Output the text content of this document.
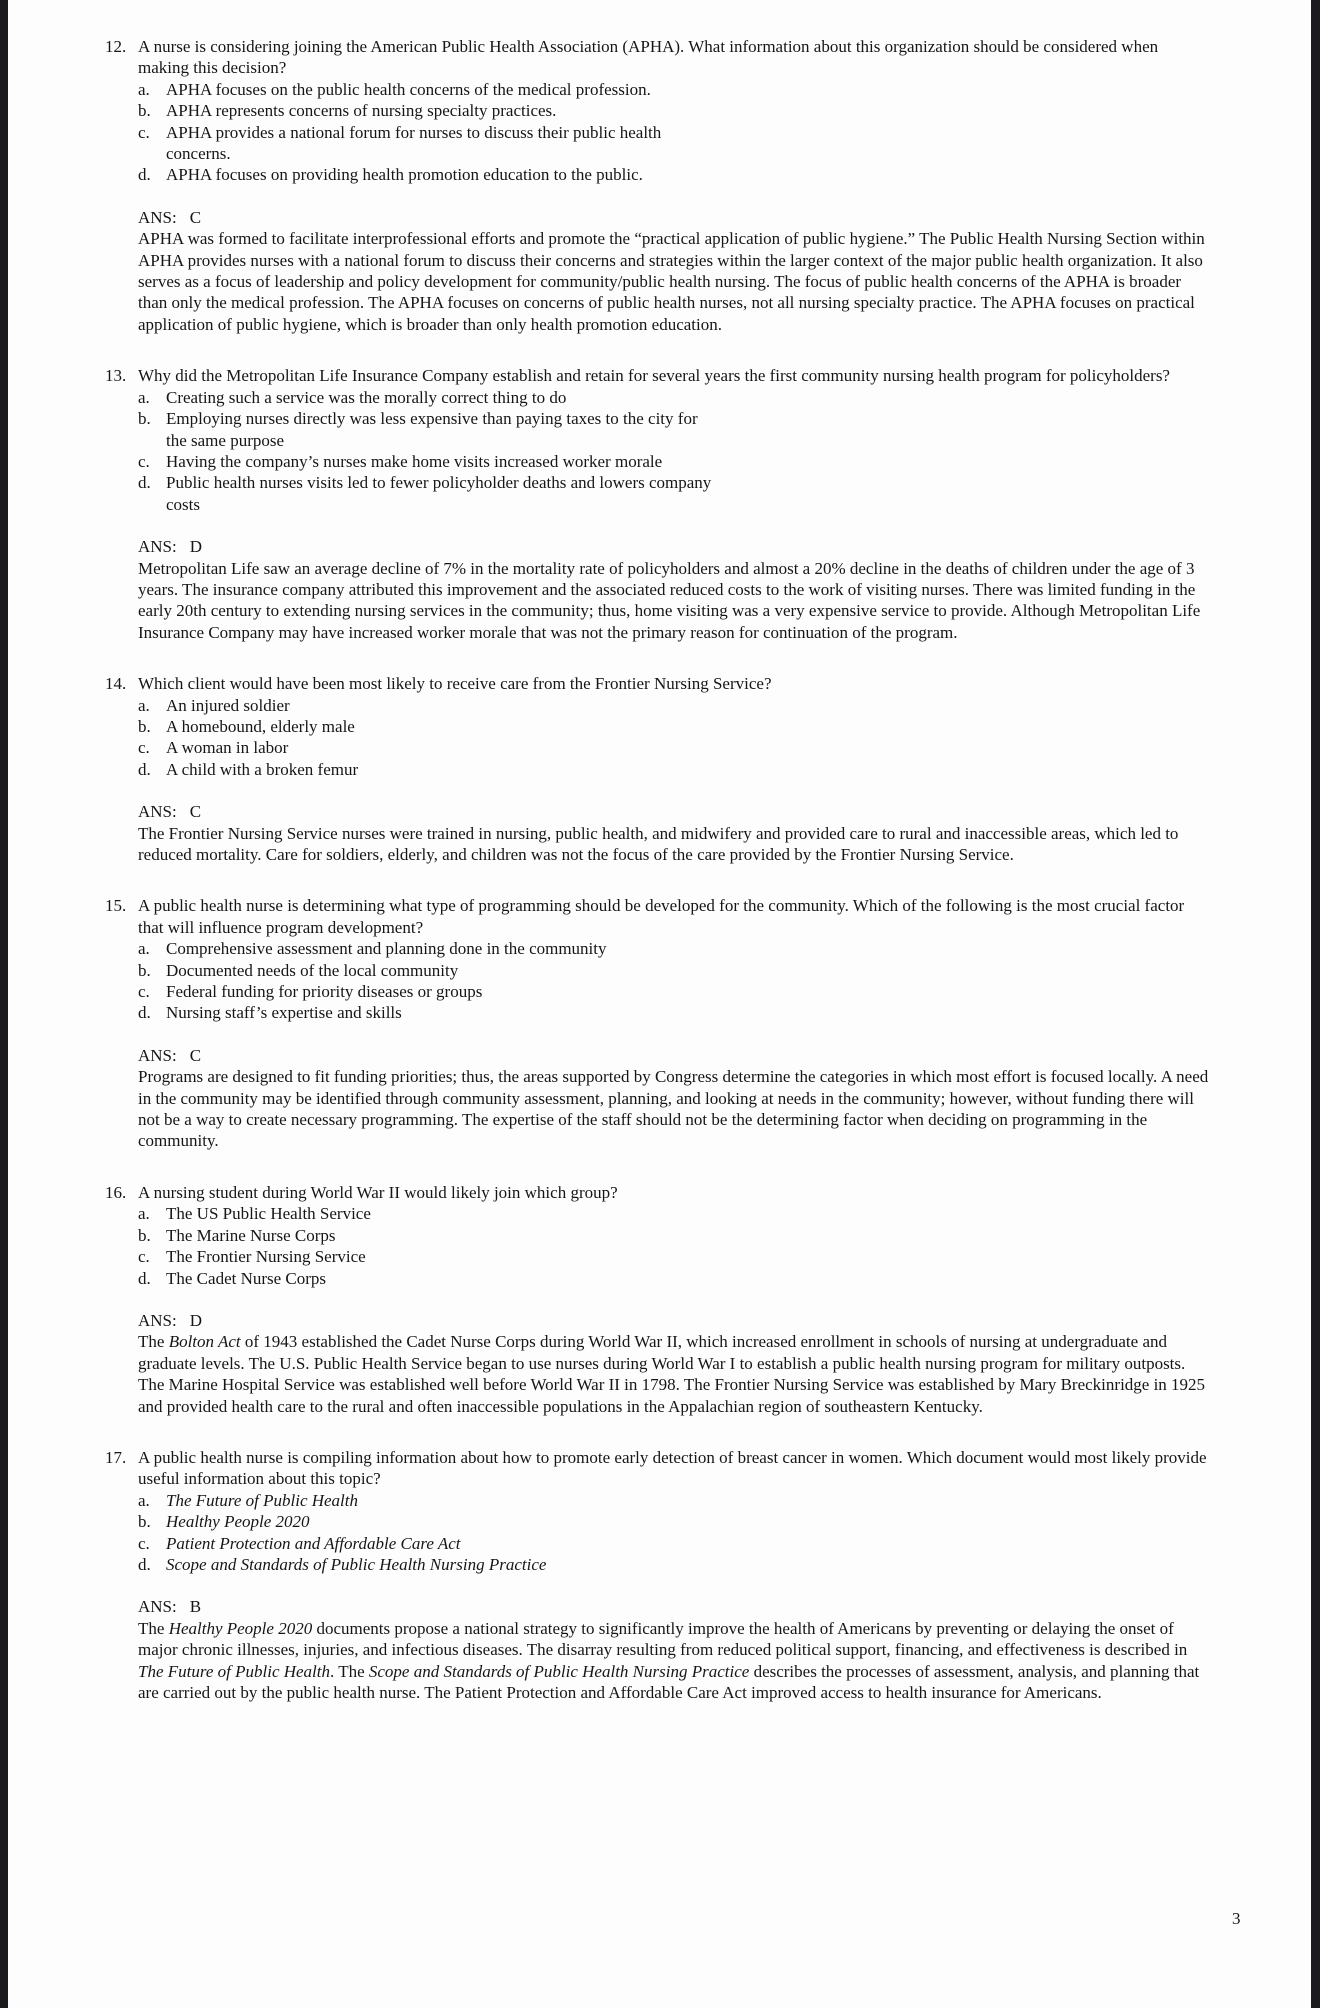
12. A nurse is considering joining the American Public Health Association (APHA). What information about this organization should be considered when making this decision?
a. APHA focuses on the public health concerns of the medical profession.
b. APHA represents concerns of nursing specialty practices.
c. APHA provides a national forum for nurses to discuss their public health concerns.
d. APHA focuses on providing health promotion education to the public.
ANS: C
APHA was formed to facilitate interprofessional efforts and promote the “practical application of public hygiene.” The Public Health Nursing Section within APHA provides nurses with a national forum to discuss their concerns and strategies within the larger context of the major public health organization. It also serves as a focus of leadership and policy development for community/public health nursing. The focus of public health concerns of the APHA is broader than only the medical profession. The APHA focuses on concerns of public health nurses, not all nursing specialty practice. The APHA focuses on practical application of public hygiene, which is broader than only health promotion education.
13. Why did the Metropolitan Life Insurance Company establish and retain for several years the first community nursing health program for policyholders?
a. Creating such a service was the morally correct thing to do
b. Employing nurses directly was less expensive than paying taxes to the city for the same purpose
c. Having the company’s nurses make home visits increased worker morale
d. Public health nurses visits led to fewer policyholder deaths and lowers company costs
ANS: D
Metropolitan Life saw an average decline of 7% in the mortality rate of policyholders and almost a 20% decline in the deaths of children under the age of 3 years. The insurance company attributed this improvement and the associated reduced costs to the work of visiting nurses. There was limited funding in the early 20th century to extending nursing services in the community; thus, home visiting was a very expensive service to provide. Although Metropolitan Life Insurance Company may have increased worker morale that was not the primary reason for continuation of the program.
14. Which client would have been most likely to receive care from the Frontier Nursing Service?
a. An injured soldier
b. A homebound, elderly male
c. A woman in labor
d. A child with a broken femur
ANS: C
The Frontier Nursing Service nurses were trained in nursing, public health, and midwifery and provided care to rural and inaccessible areas, which led to reduced mortality. Care for soldiers, elderly, and children was not the focus of the care provided by the Frontier Nursing Service.
15. A public health nurse is determining what type of programming should be developed for the community. Which of the following is the most crucial factor that will influence program development?
a. Comprehensive assessment and planning done in the community
b. Documented needs of the local community
c. Federal funding for priority diseases or groups
d. Nursing staff’s expertise and skills
ANS: C
Programs are designed to fit funding priorities; thus, the areas supported by Congress determine the categories in which most effort is focused locally. A need in the community may be identified through community assessment, planning, and looking at needs in the community; however, without funding there will not be a way to create necessary programming. The expertise of the staff should not be the determining factor when deciding on programming in the community.
16. A nursing student during World War II would likely join which group?
a. The US Public Health Service
b. The Marine Nurse Corps
c. The Frontier Nursing Service
d. The Cadet Nurse Corps
ANS: D
The Bolton Act of 1943 established the Cadet Nurse Corps during World War II, which increased enrollment in schools of nursing at undergraduate and graduate levels. The U.S. Public Health Service began to use nurses during World War I to establish a public health nursing program for military outposts. The Marine Hospital Service was established well before World War II in 1798. The Frontier Nursing Service was established by Mary Breckinridge in 1925 and provided health care to the rural and often inaccessible populations in the Appalachian region of southeastern Kentucky.
17. A public health nurse is compiling information about how to promote early detection of breast cancer in women. Which document would most likely provide useful information about this topic?
a. The Future of Public Health
b. Healthy People 2020
c. Patient Protection and Affordable Care Act
d. Scope and Standards of Public Health Nursing Practice
ANS: B
The Healthy People 2020 documents propose a national strategy to significantly improve the health of Americans by preventing or delaying the onset of major chronic illnesses, injuries, and infectious diseases. The disarray resulting from reduced political support, financing, and effectiveness is described in The Future of Public Health. The Scope and Standards of Public Health Nursing Practice describes the processes of assessment, analysis, and planning that are carried out by the public health nurse. The Patient Protection and Affordable Care Act improved access to health insurance for Americans.
3
